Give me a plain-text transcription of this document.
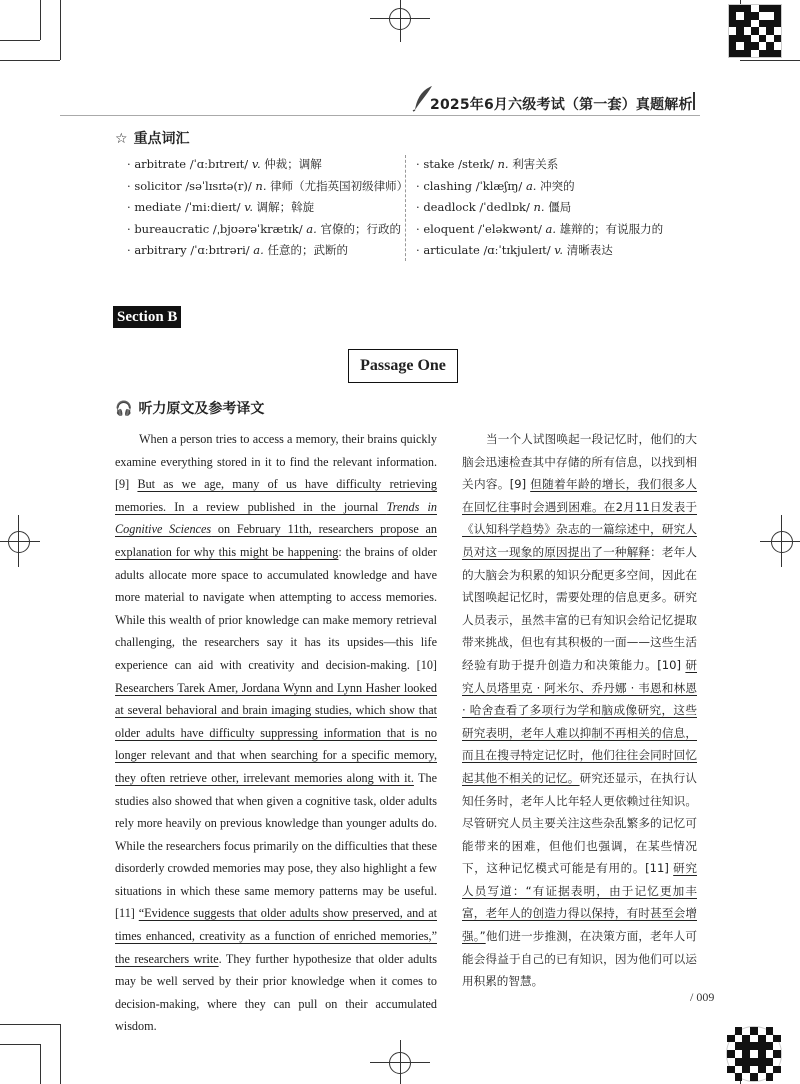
2025年6月六级考试（第一套）真题解析
☆ 重点词汇
· arbitrate /ˈɑːbɪtreɪt/ v. 仲裁；调解
· solicitor /səˈlɪsɪtə(r)/ n. 律师（尤指英国初级律师）
· mediate /ˈmiːdieɪt/ v. 调解；斡旋
· bureaucratic /ˌbjʊərəˈkrætɪk/ a. 官僚的；行政的
· arbitrary /ˈɑːbɪtrəri/ a. 任意的；武断的
· stake /steɪk/ n. 利害关系
· clashing /ˈklæʃɪŋ/ a. 冲突的
· deadlock /ˈdedlɒk/ n. 僵局
· eloquent /ˈeləkwənt/ a. 雄辩的；有说服力的
· articulate /ɑːˈtɪkjuleɪt/ v. 清晰表达
Section B
Passage One
🎧 听力原文及参考译文

When a person tries to access a memory, their brains quickly examine everything stored in it to find the relevant information. [9] But as we age, many of us have difficulty retrieving memories. In a review published in the journal Trends in Cognitive Sciences on February 11th, researchers propose an explanation for why this might be happening: the brains of older adults allocate more space to accumulated knowledge and have more material to navigate when attempting to access memories. While this wealth of prior knowledge can make memory retrieval challenging, the researchers say it has its upsides—this life experience can aid with creativity and decision-making. [10] Researchers Tarek Amer, Jordana Wynn and Lynn Hasher looked at several behavioral and brain imaging studies, which show that older adults have difficulty suppressing information that is no longer relevant and that when searching for a specific memory, they often retrieve other, irrelevant memories along with it. The studies also showed that when given a cognitive task, older adults rely more heavily on previous knowledge than younger adults do. While the researchers focus primarily on the difficulties that these disorderly crowded memories may pose, they also highlight a few situations in which these same memory patterns may be useful. [11] “Evidence suggests that older adults show preserved, and at times enhanced, creativity as a function of enriched memories,” the researchers write. They further hypothesize that older adults may be well served by their prior knowledge when it comes to decision-making, where they can pull on their accumulated wisdom.

当一个人试图唤起一段记忆时，他们的大脑会迅速检查其中存储的所有信息，以找到相关内容。[9] 但随着年龄的增长，我们很多人在回忆往事时会遇到困难。在2月11日发表于《认知科学趋势》杂志的一篇综述中，研究人员对这一现象的原因提出了一种解释：老年人的大脑会为积累的知识分配更多空间，因此在试图唤起记忆时，需要处理的信息更多。研究人员表示，虽然丰富的已有知识会给记忆提取带来挑战，但也有其积极的一面——这些生活经验有助于提升创造力和决策能力。[10] 研究人员塔里克 · 阿米尔、乔丹娜 · 韦恩和林恩 · 哈舍查看了多项行为学和脑成像研究，这些研究表明，老年人难以抑制不再相关的信息，而且在搜寻特定记忆时，他们往往会同时回忆起其他不相关的记忆。研究还显示，在执行认知任务时，老年人比年轻人更依赖过往知识。尽管研究人员主要关注这些杂乱繁多的记忆可能带来的困难，但他们也强调，在某些情况下，这种记忆模式可能是有用的。[11] 研究人员写道：“有证据表明，由于记忆更加丰富，老年人的创造力得以保持，有时甚至会增强。”他们进一步推测，在决策方面，老年人可能会得益于自己的已有知识，因为他们可以运用积累的智慧。

/ 009
